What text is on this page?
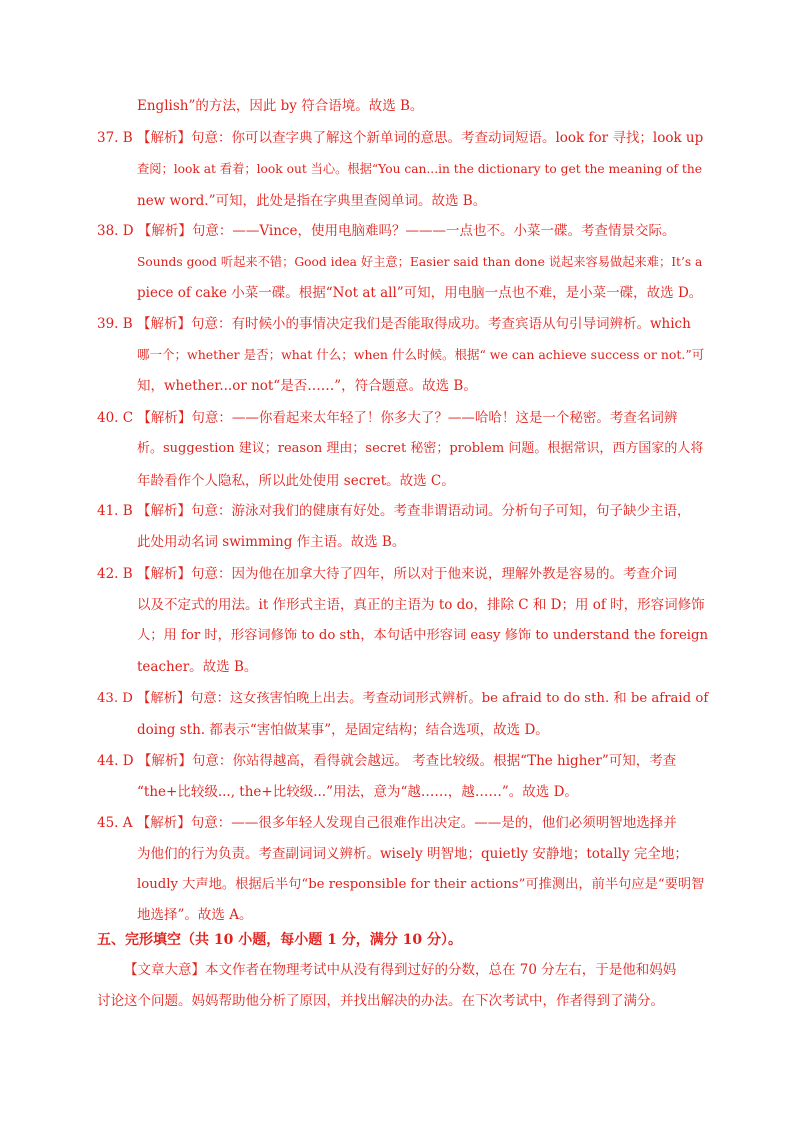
English”的方法，因此 by 符合语境。故选 B。
37. B 【解析】句意：你可以查字典了解这个新单词的意思。考查动词短语。look for 寻找；look up
查阅；look at 看着；look out 当心。根据“You can...in the dictionary to get the meaning of the
new word.”可知，此处是指在字典里查阅单词。故选 B。
38. D 【解析】句意：——Vince，使用电脑难吗？———一点也不。小菜一碟。考查情景交际。
Sounds good 听起来不错；Good idea 好主意；Easier said than done 说起来容易做起来难；It’s a
piece of cake 小菜一碟。根据“Not at all”可知，用电脑一点也不难，是小菜一碟，故选 D。
39. B 【解析】句意：有时候小的事情决定我们是否能取得成功。考查宾语从句引导词辨析。which
哪一个；whether 是否；what 什么；when 什么时候。根据“ we can achieve success or not.”可
知，whether...or not“是否……”，符合题意。故选 B。
40. C 【解析】句意：——你看起来太年轻了！你多大了？——哈哈！这是一个秘密。考查名词辨
析。suggestion 建议；reason 理由；secret 秘密；problem 问题。根据常识，西方国家的人将
年龄看作个人隐私，所以此处使用 secret。故选 C。
41. B 【解析】句意：游泳对我们的健康有好处。考查非谓语动词。分析句子可知，句子缺少主语，
此处用动名词 swimming 作主语。故选 B。
42. B 【解析】句意：因为他在加拿大待了四年，所以对于他来说，理解外教是容易的。考查介词
以及不定式的用法。it 作形式主语，真正的主语为 to do，排除 C 和 D；用 of 时，形容词修饰
人；用 for 时，形容词修饰 to do sth，本句话中形容词 easy 修饰 to understand the foreign
teacher。故选 B。
43. D 【解析】句意：这女孩害怕晚上出去。考查动词形式辨析。be afraid to do sth. 和 be afraid of
doing sth. 都表示“害怕做某事”，是固定结构；结合选项，故选 D。
44. D 【解析】句意：你站得越高，看得就会越远。 考查比较级。根据“The higher”可知，考查
“the+比较级..., the+比较级...”用法，意为“越……，越……”。故选 D。
45. A 【解析】句意：——很多年轻人发现自己很难作出决定。——是的，他们必须明智地选择并
为他们的行为负责。考查副词词义辨析。wisely 明智地；quietly 安静地；totally 完全地；
loudly 大声地。根据后半句“be responsible for their actions”可推测出，前半句应是“要明智
地选择”。故选 A。
五、完形填空（共 10 小题，每小题 1 分，满分 10 分）。
【文章大意】本文作者在物理考试中从没有得到过好的分数，总在 70 分左右，于是他和妈妈
讨论这个问题。妈妈帮助他分析了原因，并找出解决的办法。在下次考试中，作者得到了满分。
